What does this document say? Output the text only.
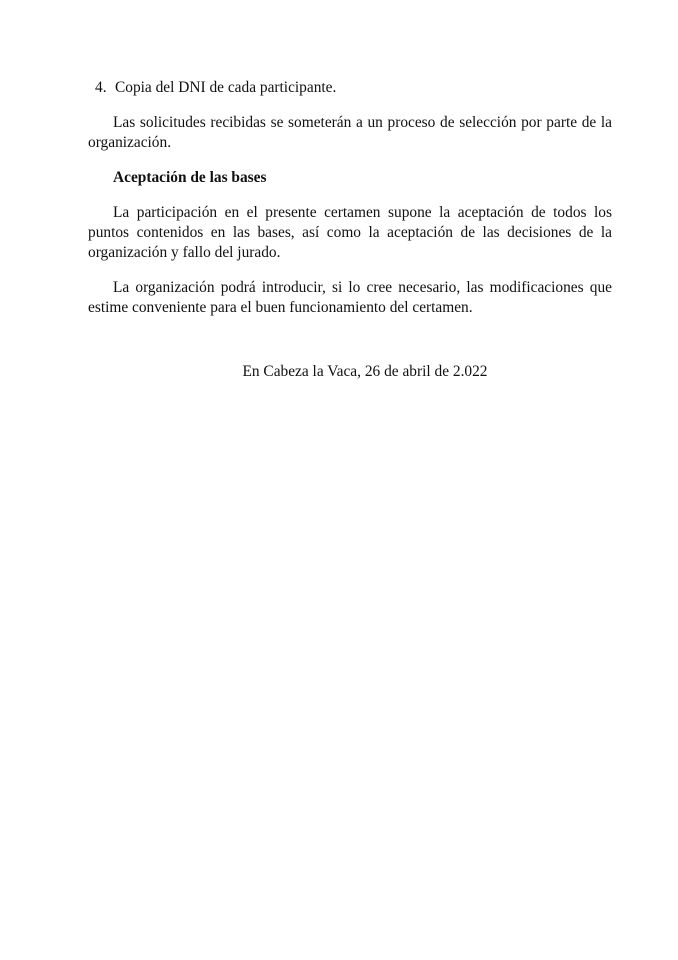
4. Copia del DNI de cada participante.

Las solicitudes recibidas se someterán a un proceso de selección por parte de la organización.

Aceptación de las bases

La participación en el presente certamen supone la aceptación de todos los puntos contenidos en las bases, así como la aceptación de las decisiones de la organización y fallo del jurado.

La organización podrá introducir, si lo cree necesario, las modificaciones que estime conveniente para el buen funcionamiento del certamen.

En Cabeza la Vaca, 26 de abril de 2.022
